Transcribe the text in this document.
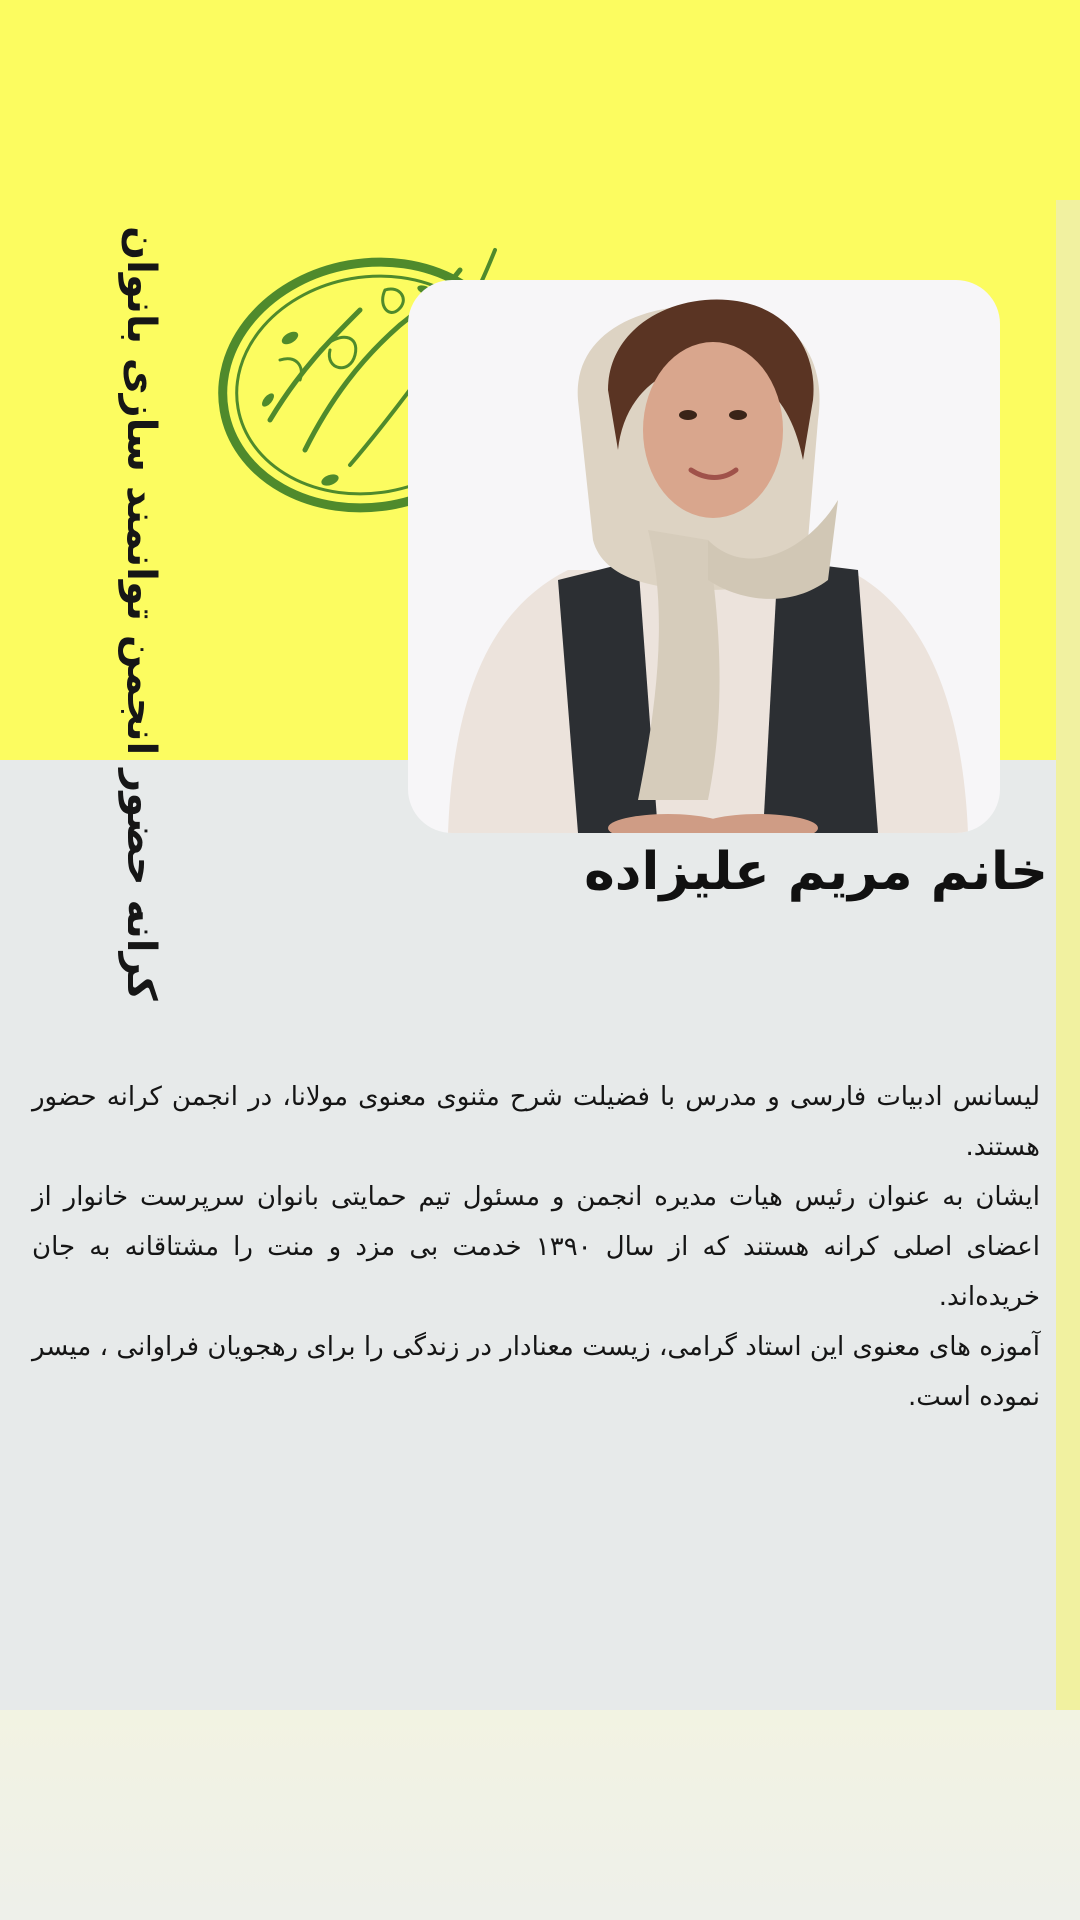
کرانه حضور انجمن توانمند سازی بانوان	خانم مریم علیزاده

لیسانس ادبیات فارسی و مدرس با فضیلت شرح مثنوی معنوی مولانا، در انجمن کرانه حضور هستند.

ایشان به عنوان رئیس هیات مدیره انجمن و مسئول تیم حمایتی بانوان سرپرست خانوار از اعضای اصلی کرانه هستند که از سال ۱۳۹۰ خدمت بی مزد و منت را مشتاقانه به جان خریده‌اند.

آموزه های معنوی این استاد گرامی، زیست معنادار در زندگی را برای رهجویان فراوانی ، میسر نموده است.
